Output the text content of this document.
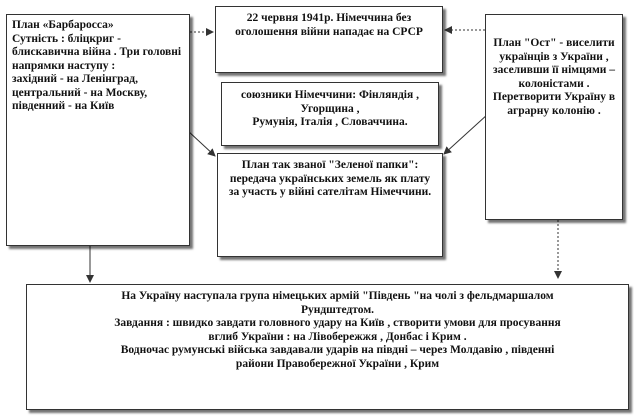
План «Барбаросса»
Сутність : бліцкриг - блискавична війна . Три головні напрямки наступу :
західний - на Ленінград,
центральний - на Москву,
південний - на Київ
22 червня 1941р. Німеччина без оголошення війни нападає на СРСР
союзники Німеччини: Фінляндія , Угорщина ,
Румунія, Італія , Словаччина.
План так званої "Зеленої папки": передача українських земель як плату за участь у війні сателітам Німеччини.
План "Ост" - виселити українців з України , заселивши її німцями – колоністами . Перетворити Україну в аграрну колонію .
На Україну наступала група німецьких армій "Південь "на чолі з фельдмаршалом Рундштедтом.
Завдання : швидко завдати головного удару на Київ , створити умови для просування вглиб України : на Лівобережжя , Донбас і Крим .
Водночас румунські війська завдавали ударів на півдні – через Молдавію , південні райони Правобережної України , Крим
